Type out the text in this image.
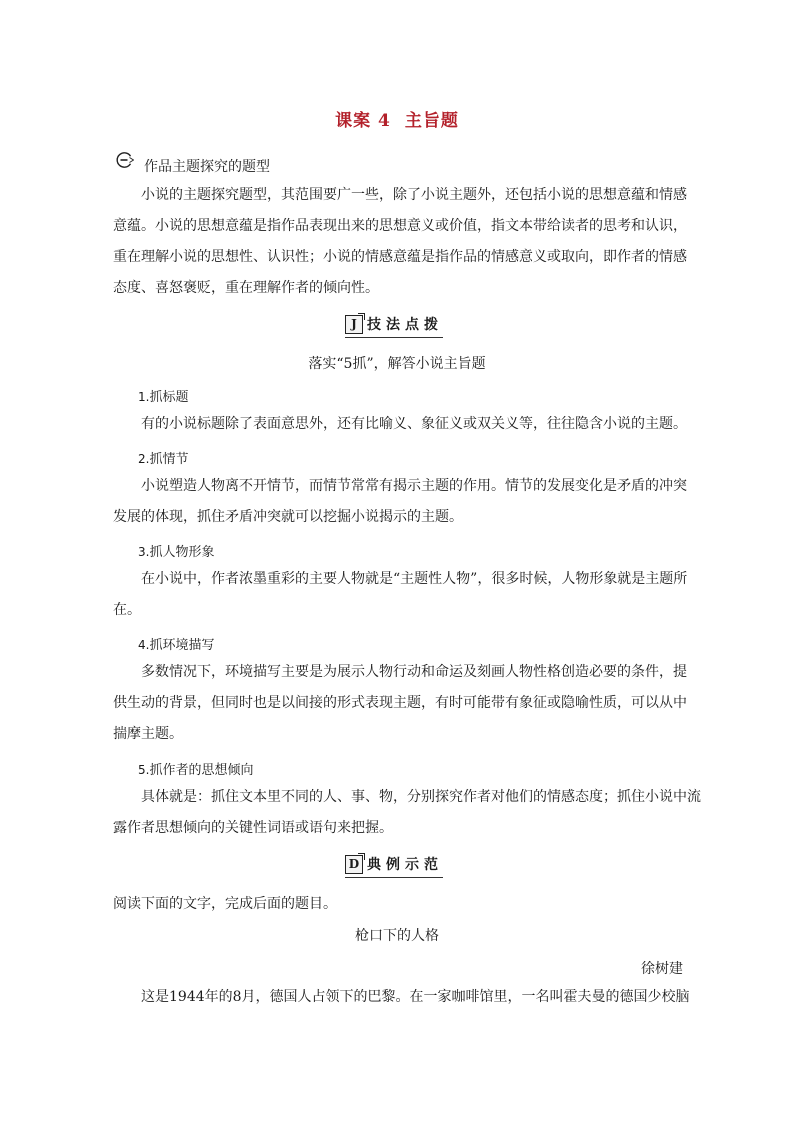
课案 4 主旨题
作品主题探究的题型
小说的主题探究题型，其范围要广一些，除了小说主题外，还包括小说的思想意蕴和情感
意蕴。小说的思想意蕴是指作品表现出来的思想意义或价值，指文本带给读者的思考和认识，
重在理解小说的思想性、认识性；小说的情感意蕴是指作品的情感意义或取向，即作者的情感
态度、喜怒褒贬，重在理解作者的倾向性。
J 技法点拨
落实“5抓”，解答小说主旨题
1.抓标题
有的小说标题除了表面意思外，还有比喻义、象征义或双关义等，往往隐含小说的主题。
2.抓情节
小说塑造人物离不开情节，而情节常常有揭示主题的作用。情节的发展变化是矛盾的冲突
发展的体现，抓住矛盾冲突就可以挖掘小说揭示的主题。
3.抓人物形象
在小说中，作者浓墨重彩的主要人物就是“主题性人物”，很多时候，人物形象就是主题所
在。
4.抓环境描写
多数情况下，环境描写主要是为展示人物行动和命运及刻画人物性格创造必要的条件，提
供生动的背景，但同时也是以间接的形式表现主题，有时可能带有象征或隐喻性质，可以从中
揣摩主题。
5.抓作者的思想倾向
具体就是：抓住文本里不同的人、事、物，分别探究作者对他们的情感态度；抓住小说中流
露作者思想倾向的关键性词语或语句来把握。
D 典例示范
阅读下面的文字，完成后面的题目。
枪口下的人格
徐树建
这是1944年的8月，德国人占领下的巴黎。在一家咖啡馆里，一名叫霍夫曼的德国少校脑
